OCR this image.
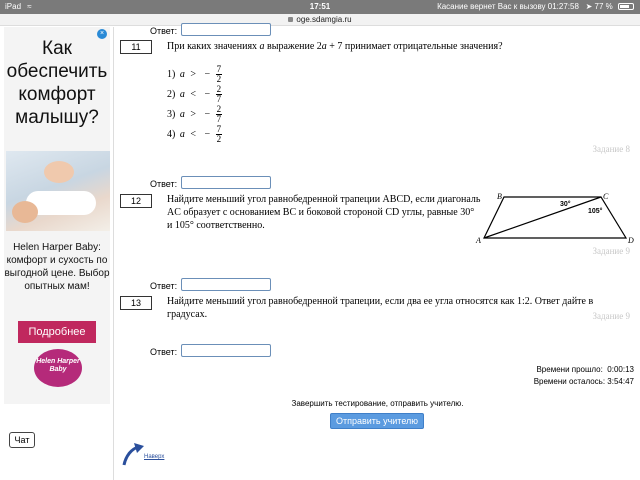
iPad ≈	17:51	Касание вернет Вас к вызову 01:27:58 ➤ 77 %
oge.sdamgia.ru
×
Как обеспечить комфорт малышу?
Helen Harper Baby: комфорт и сухость по выгодной цене. Выбор опытных мам!
Подробнее
Helen Harper Baby
Чат
Ответ:
11	При каких значениях a выражение 2a + 7 принимает отрицательные значения?
1) a > − $\frac{7}{2}$
2) a < − $\frac{2}{7}$
3) a > − $\frac{2}{7}$
4) a < − $\frac{7}{2}$
Задание 8
Ответ:
12	Найдите меньший угол равнобедренной трапеции ABCD, если диагональ AC образует с основанием BC и боковой стороной CD углы, равные 30° и 105° соответственно.
B	C
A	D
30°
105°
Задание 9
Ответ:
13	Найдите меньший угол равнобедренной трапеции, если два ее угла относятся как 1:2. Ответ дайте в градусах.	Задание 9
Ответ:
Времени прошло: 0:00:13
Времени осталось: 3:54:47
Завершить тестирование, отправить учителю.
Отправить учителю
Наверх
